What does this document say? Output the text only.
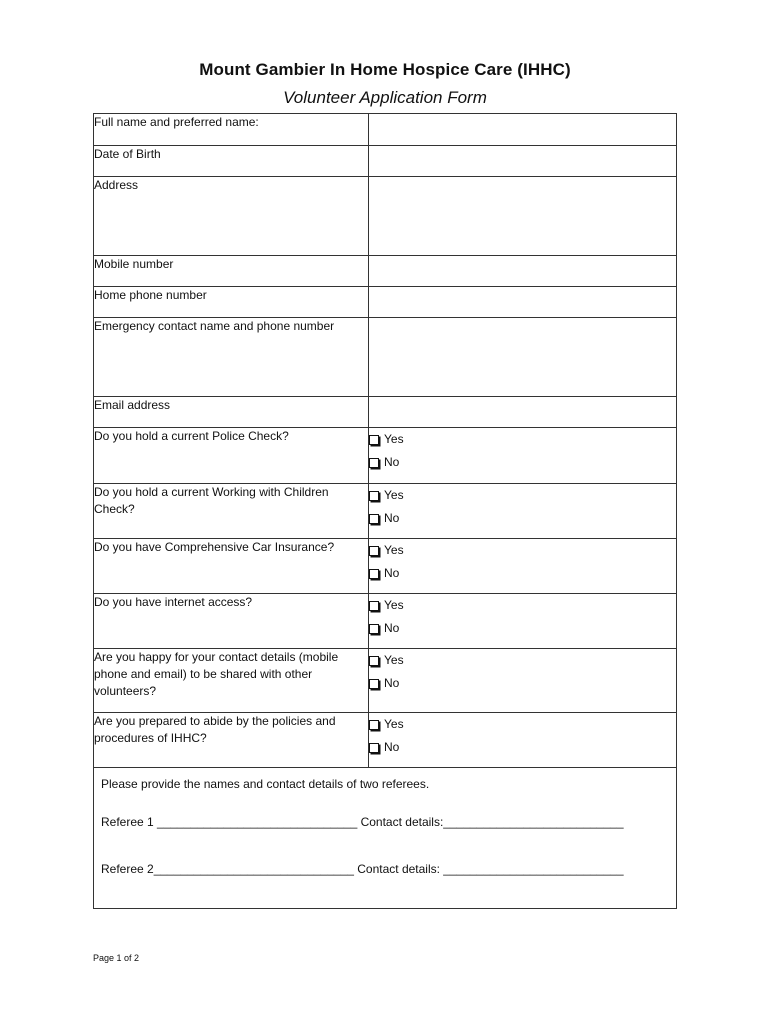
Mount Gambier In Home Hospice Care (IHHC)
Volunteer Application Form
Full name and preferred name:	
Date of Birth	
Address	
Mobile number	
Home phone number	
Emergency contact name and phone number	
Email address	
Do you hold a current Police Check?	Yes
No

Do you hold a current Working with Children Check?	Yes
No

Do you have Comprehensive Car Insurance?	Yes
No

Do you have internet access?	Yes
No

Are you happy for your contact details (mobile phone and email) to be shared with other volunteers?	Yes
No

Are you prepared to abide by the policies and procedures of IHHC?	Yes
No

Please provide the names and contact details of two referees.
Referee 1 ______________________________ Contact details:___________________________
Referee 2______________________________ Contact details: ___________________________	
Page 1 of 2
